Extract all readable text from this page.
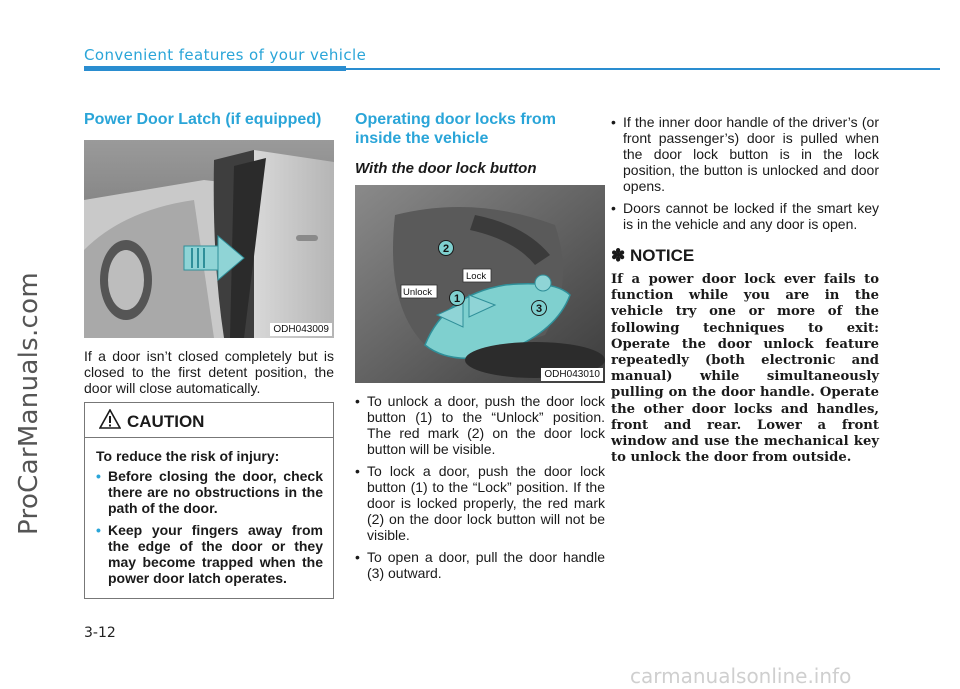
ProCarManuals.com
Convenient features of your vehicle
Power Door Latch (if equipped)
ODH043009

If a door isn’t closed completely but is closed to the first detent position, the door will close automatically.

CAUTION
To reduce the risk of injury:
• Before closing the door, check there are no obstructions in the path of the door.
• Keep your fingers away from the edge of the door or they may become trapped when the power door latch operates.
Operating door locks from inside the vehicle
With the door lock button
Unlock
Lock
2
1
3
ODH043010
• To unlock a door, push the door lock button (1) to the “Unlock” position. The red mark (2) on the door lock button will be visible.
• To lock a door, push the door lock button (1) to the “Lock” position. If the door is locked properly, the red mark (2) on the door lock button will not be visible.
• To open a door, pull the door handle (3) outward.
• If the inner door handle of the driver’s (or front passenger’s) door is pulled when the door lock button is in the lock position, the button is unlocked and door opens.
• Doors cannot be locked if the smart key is in the vehicle and any door is open.
✽ NOTICE
If a power door lock ever fails to function while you are in the vehicle try one or more of the following techniques to exit: Operate the door unlock feature repeatedly (both electronic and manual) while simultaneously pulling on the door handle. Operate the other door locks and handles, front and rear. Lower a front window and use the mechanical key to unlock the door from outside.
3-12
carmanualsonline.info
